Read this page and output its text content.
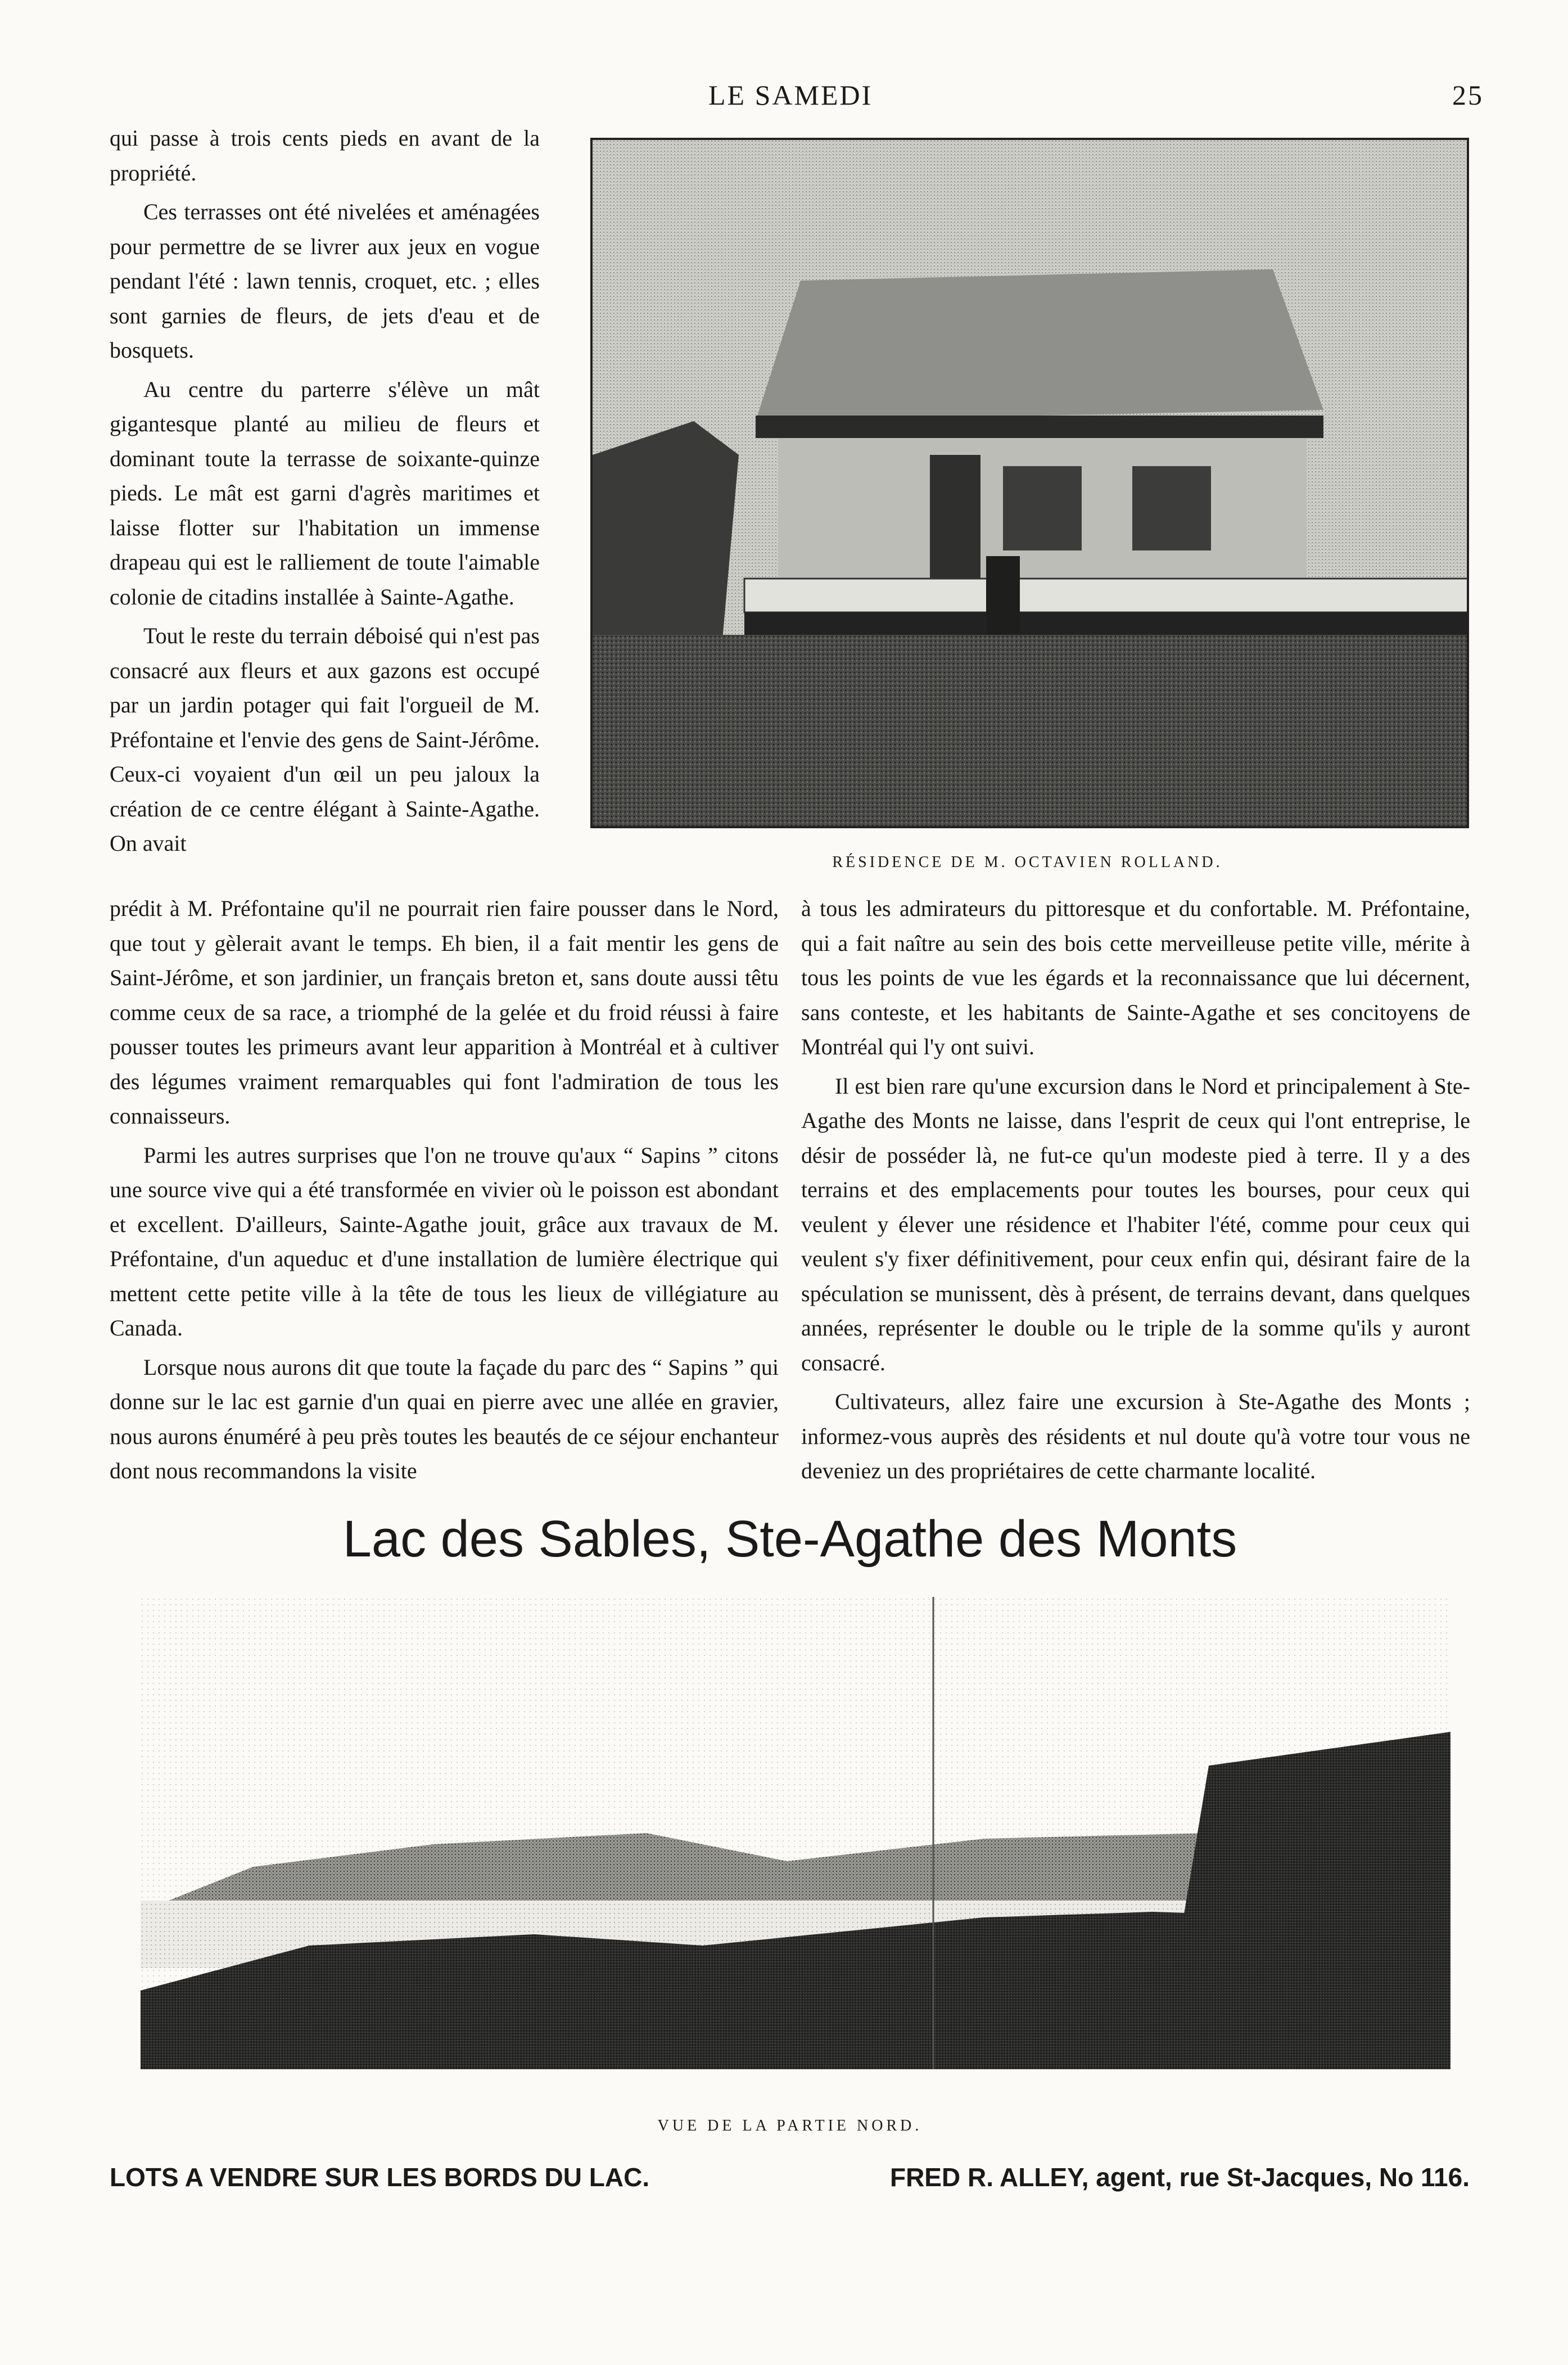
LE SAMEDI	25

qui passe à trois cents pieds en avant de la propriété.

Ces terrasses ont été nivelées et aménagées pour permettre de se livrer aux jeux en vogue pendant l'été : lawn tennis, croquet, etc. ; elles sont garnies de fleurs, de jets d'eau et de bosquets.

Au centre du parterre s'élève un mât gigantesque planté au milieu de fleurs et dominant toute la terrasse de soixante-quinze pieds. Le mât est garni d'agrès maritimes et laisse flotter sur l'habitation un immense drapeau qui est le ralliement de toute l'aimable colonie de citadins installée à Sainte-Agathe.

Tout le reste du terrain déboisé qui n'est pas consacré aux fleurs et aux gazons est occupé par un jardin potager qui fait l'orgueil de M. Préfontaine et l'envie des gens de Saint-Jérôme. Ceux-ci voyaient d'un œil un peu jaloux la création de ce centre élégant à Sainte-Agathe. On avait

RÉSIDENCE DE M. OCTAVIEN ROLLAND.

prédit à M. Préfontaine qu'il ne pourrait rien faire pousser dans le Nord, que tout y gèlerait avant le temps. Eh bien, il a fait mentir les gens de Saint-Jérôme, et son jardinier, un français breton et, sans doute aussi têtu comme ceux de sa race, a triomphé de la gelée et du froid réussi à faire pousser toutes les primeurs avant leur apparition à Montréal et à cultiver des légumes vraiment remarquables qui font l'admiration de tous les connaisseurs.

Parmi les autres surprises que l'on ne trouve qu'aux “ Sapins ” citons une source vive qui a été transformée en vivier où le poisson est abondant et excellent. D'ailleurs, Sainte-Agathe jouit, grâce aux travaux de M. Préfontaine, d'un aqueduc et d'une installation de lumière électrique qui mettent cette petite ville à la tête de tous les lieux de villégiature au Canada.

Lorsque nous aurons dit que toute la façade du parc des “ Sapins ” qui donne sur le lac est garnie d'un quai en pierre avec une allée en gravier, nous aurons énuméré à peu près toutes les beautés de ce séjour enchanteur dont nous recommandons la visite

à tous les admirateurs du pittoresque et du confortable. M. Préfontaine, qui a fait naître au sein des bois cette merveilleuse petite ville, mérite à tous les points de vue les égards et la reconnaissance que lui décernent, sans conteste, et les habitants de Sainte-Agathe et ses concitoyens de Montréal qui l'y ont suivi.

Il est bien rare qu'une excursion dans le Nord et principalement à Ste-Agathe des Monts ne laisse, dans l'esprit de ceux qui l'ont entreprise, le désir de posséder là, ne fut-ce qu'un modeste pied à terre. Il y a des terrains et des emplacements pour toutes les bourses, pour ceux qui veulent y élever une résidence et l'habiter l'été, comme pour ceux qui veulent s'y fixer définitivement, pour ceux enfin qui, désirant faire de la spéculation se munissent, dès à présent, de terrains devant, dans quelques années, représenter le double ou le triple de la somme qu'ils y auront consacré.

Cultivateurs, allez faire une excursion à Ste-Agathe des Monts ; informez-vous auprès des résidents et nul doute qu'à votre tour vous ne deveniez un des propriétaires de cette charmante localité.

Lac des Sables, Ste-Agathe des Monts
VUE DE LA PARTIE NORD.
LOTS A VENDRE SUR LES BORDS DU LAC.	FRED R. ALLEY, agent, rue St-Jacques, No 116.
